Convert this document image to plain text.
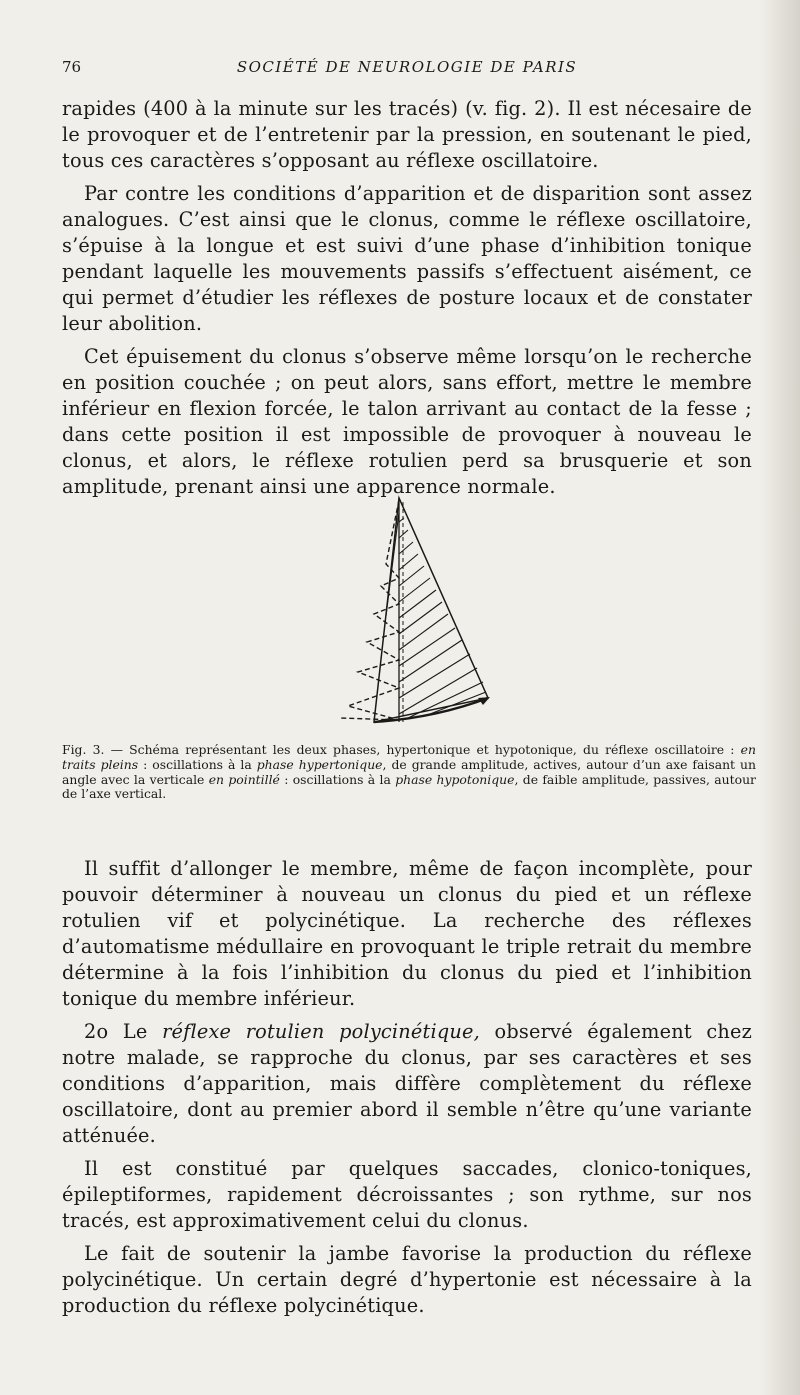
76	SOCIÉTÉ DE NEUROLOGIE DE PARIS

rapides (400 à la minute sur les tracés) (v. fig. 2). Il est nécesaire de le provoquer et de l’entretenir par la pression, en soutenant le pied, tous ces caractères s’opposant au réflexe oscillatoire.

Par contre les conditions d’apparition et de disparition sont assez analogues. C’est ainsi que le clonus, comme le réflexe oscillatoire, s’épuise à la longue et est suivi d’une phase d’inhibition tonique pendant laquelle les mouvements passifs s’effectuent aisément, ce qui permet d’étudier les réflexes de posture locaux et de constater leur abolition.

Cet épuisement du clonus s’observe même lorsqu’on le recherche en position couchée ; on peut alors, sans effort, mettre le membre inférieur en flexion forcée, le talon arrivant au contact de la fesse ; dans cette position il est impossible de provoquer à nouveau le clonus, et alors, le réflexe rotulien perd sa brusquerie et son amplitude, prenant ainsi une apparence normale.

Fig. 3. — Schéma représentant les deux phases, hypertonique et hypotonique, du réflexe oscillatoire : en traits pleins : oscillations à la phase hypertonique, de grande amplitude, actives, autour d’un axe faisant un angle avec la verticale en pointillé : oscillations à la phase hypotonique, de faible amplitude, passives, autour de l’axe vertical.

Il suffit d’allonger le membre, même de façon incomplète, pour pouvoir déterminer à nouveau un clonus du pied et un réflexe rotulien vif et polycinétique. La recherche des réflexes d’automatisme médullaire en provoquant le triple retrait du membre détermine à la fois l’inhibition du clonus du pied et l’inhibition tonique du membre inférieur.

2o Le réflexe rotulien polycinétique, observé également chez notre malade, se rapproche du clonus, par ses caractères et ses conditions d’apparition, mais diffère complètement du réflexe oscillatoire, dont au premier abord il semble n’être qu’une variante atténuée.

Il est constitué par quelques saccades, clonico-toniques, épileptiformes, rapidement décroissantes ; son rythme, sur nos tracés, est approximativement celui du clonus.

Le fait de soutenir la jambe favorise la production du réflexe polycinétique. Un certain degré d’hypertonie est nécessaire à la production du réflexe polycinétique.
